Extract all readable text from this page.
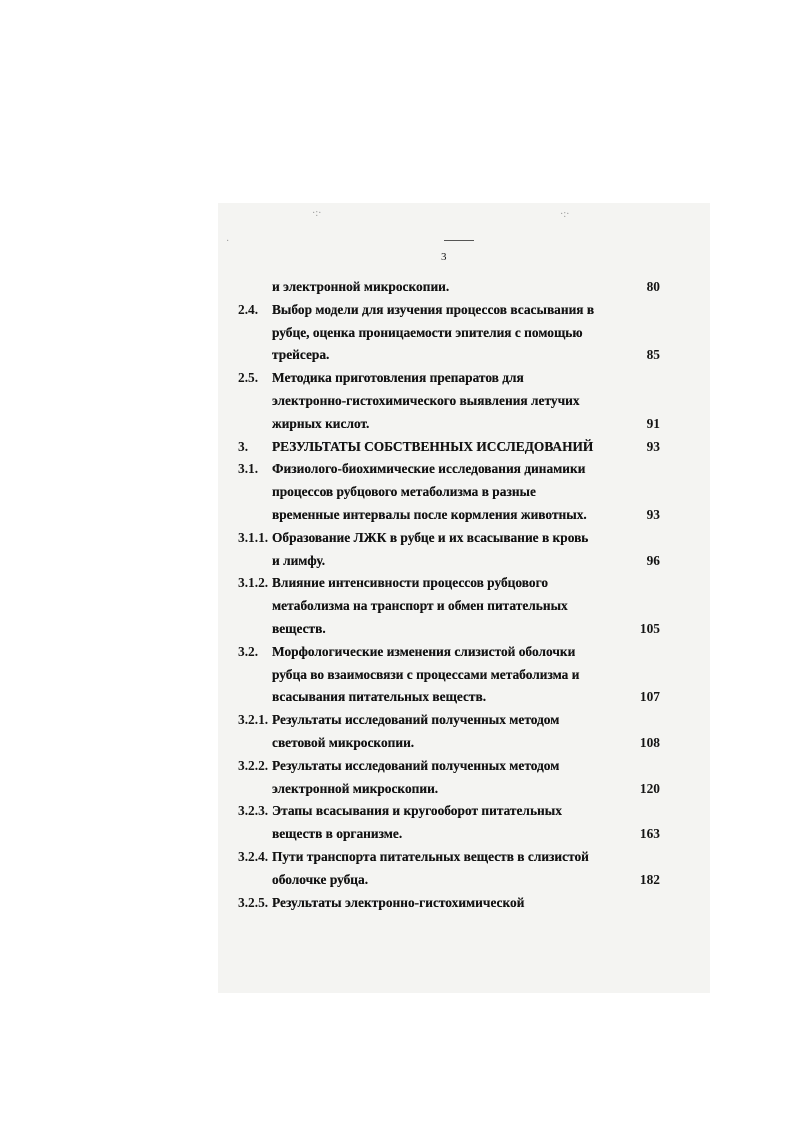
·:·	·:·
·
3
и электронной микроскопии.	80
2.4. Выбор модели для изучения процессов всасывания в
рубце, оценка проницаемости эпителия с помощью
трейсера.	85
2.5. Методика приготовления препаратов для
электронно-гистохимического выявления летучих
жирных кислот.	91
3. РЕЗУЛЬТАТЫ СОБСТВЕННЫХ ИССЛЕДОВАНИЙ	93
3.1. Физиолого-биохимические исследования динамики
процессов рубцового метаболизма в разные
временные интервалы после кормления животных.	93
3.1.1. Образование ЛЖК в рубце и их всасывание в кровь
и лимфу.	96
3.1.2. Влияние интенсивности процессов рубцового
метаболизма на транспорт и обмен питательных
веществ.	105
3.2. Морфологические изменения слизистой оболочки
рубца во взаимосвязи с процессами метаболизма и
всасывания питательных веществ.	107
3.2.1. Результаты исследований полученных методом
световой микроскопии.	108
3.2.2. Результаты исследований полученных методом
электронной микроскопии.	120
3.2.3. Этапы всасывания и кругооборот питательных
веществ в организме.	163
3.2.4. Пути транспорта питательных веществ в слизистой
оболочке рубца.	182
3.2.5. Результаты электронно-гистохимической
